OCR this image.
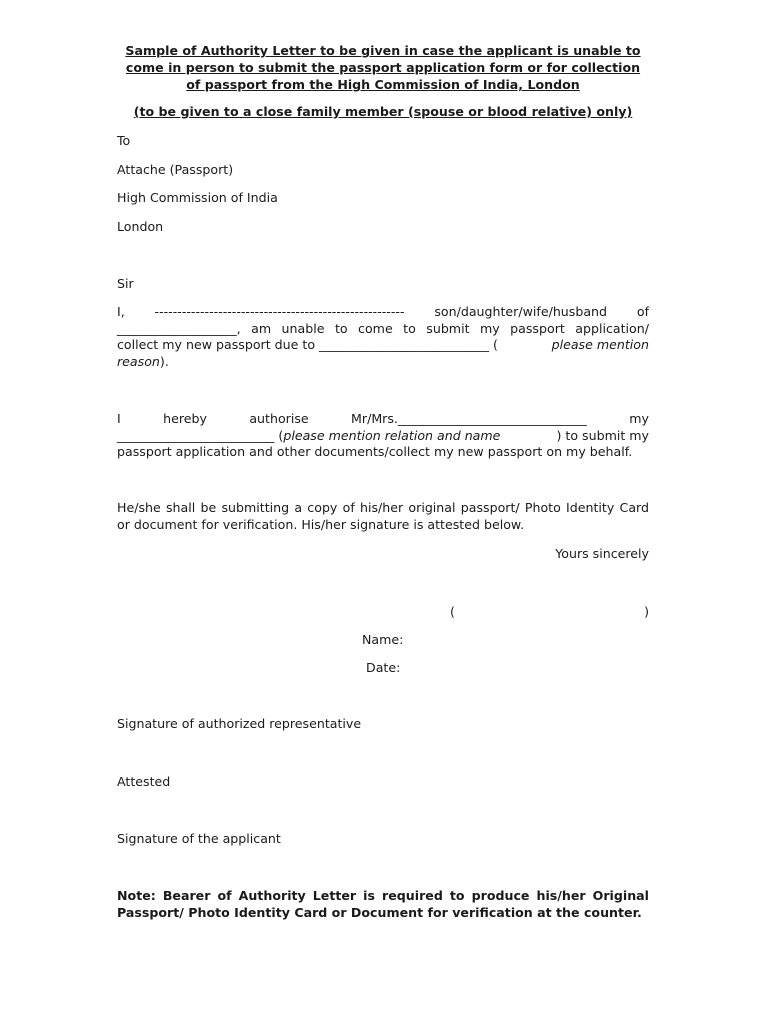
Sample of Authority Letter to be given in case the applicant is unable to come in person to submit the passport application form or for collection of passport from the High Commission of India, London
(to be given to a close family member (spouse or blood relative) only)
To
Attache (Passport)
High Commission of India
London
Sir
I, ------------------------------------------------------- son/daughter/wife/husband of
___________________, am unable to come to submit my passport application/
collect my new passport due to ___________________________ (	please mention
reason).
I	hereby	authorise	Mr/Mrs.______________________________	my
_________________________ (please mention relation and name	) to submit my
passport application and other documents/collect my new passport on my behalf.
He/she shall be submitting a copy of his/her original passport/ Photo Identity Card or document for verification. His/her signature is attested below.
Yours sincerely
(	)
Name:
Date:
Signature of authorized representative
Attested
Signature of the applicant
Note: Bearer of Authority Letter is required to produce his/her Original Passport/ Photo Identity Card or Document for verification at the counter.
